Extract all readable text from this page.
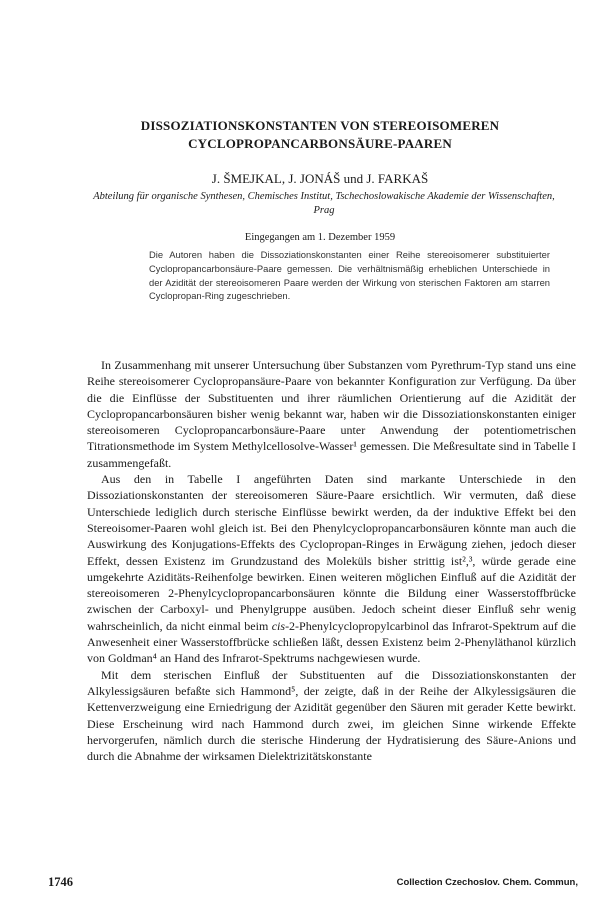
DISSOZIATIONSKONSTANTEN VON STEREOISOMEREN
CYCLOPROPANCARBONSÄURE-PAAREN
J. ŠMEJKAL, J. JONÁŠ und J. FARKAŠ
Abteilung für organische Synthesen, Chemisches Institut, Tschechoslowakische Akademie der Wissenschaften, Prag
Eingegangen am 1. Dezember 1959
Die Autoren haben die Dissoziationskonstanten einer Reihe stereoisomerer substituierter Cyclopropancarbonsäure-Paare gemessen. Die verhältnismäßig erheblichen Unterschiede in der Azidität der stereoisomeren Paare werden der Wirkung von sterischen Faktoren am starren Cyclopropan-Ring zugeschrieben.

In Zusammenhang mit unserer Untersuchung über Substanzen vom Pyrethrum-Typ stand uns eine Reihe stereoisomerer Cyclopropansäure-Paare von bekannter Konfiguration zur Verfügung. Da über die die Einflüsse der Substituenten und ihrer räumlichen Orientierung auf die Azidität der Cyclopropancarbonsäuren bisher wenig bekannt war, haben wir die Dissoziationskonstanten einiger stereoisomeren Cyclopropancarbonsäure-Paare unter Anwendung der potentiometrischen Titrationsmethode im System Methylcellosolve-Wasser¹ gemessen. Die Meßresultate sind in Tabelle I zusammengefaßt.

Aus den in Tabelle I angeführten Daten sind markante Unterschiede in den Dissoziationskonstanten der stereoisomeren Säure-Paare ersichtlich. Wir vermuten, daß diese Unterschiede lediglich durch sterische Einflüsse bewirkt werden, da der induktive Effekt bei den Stereoisomer-Paaren wohl gleich ist. Bei den Phenylcyclopropancarbonsäuren könnte man auch die Auswirkung des Konjugations-Effekts des Cyclopropan-Ringes in Erwägung ziehen, jedoch dieser Effekt, dessen Existenz im Grundzustand des Moleküls bisher strittig ist²,³, würde gerade eine umgekehrte Aziditäts-Reihenfolge bewirken. Einen weiteren möglichen Einfluß auf die Azidität der stereoisomeren 2-Phenylcyclopropancarbonsäuren könnte die Bildung einer Wasserstoffbrücke zwischen der Carboxyl- und Phenylgruppe ausüben. Jedoch scheint dieser Einfluß sehr wenig wahrscheinlich, da nicht einmal beim cis-2-Phenylcyclopropylcarbinol das Infrarot-Spektrum auf die Anwesenheit einer Wasserstoffbrücke schließen läßt, dessen Existenz beim 2-Phenyläthanol kürzlich von Goldman⁴ an Hand des Infrarot-Spektrums nachgewiesen wurde.

Mit dem sterischen Einfluß der Substituenten auf die Dissoziationskonstanten der Alkylessigsäuren befaßte sich Hammond⁵, der zeigte, daß in der Reihe der Alkylessigsäuren die Kettenverzweigung eine Erniedrigung der Azidität gegenüber den Säuren mit gerader Kette bewirkt. Diese Erscheinung wird nach Hammond durch zwei, im gleichen Sinne wirkende Effekte hervorgerufen, nämlich durch die sterische Hinderung der Hydratisierung des Säure-Anions und durch die Abnahme der wirksamen Dielektrizitätskonstante

1746	Collection Czechoslov. Chem. Commun,
